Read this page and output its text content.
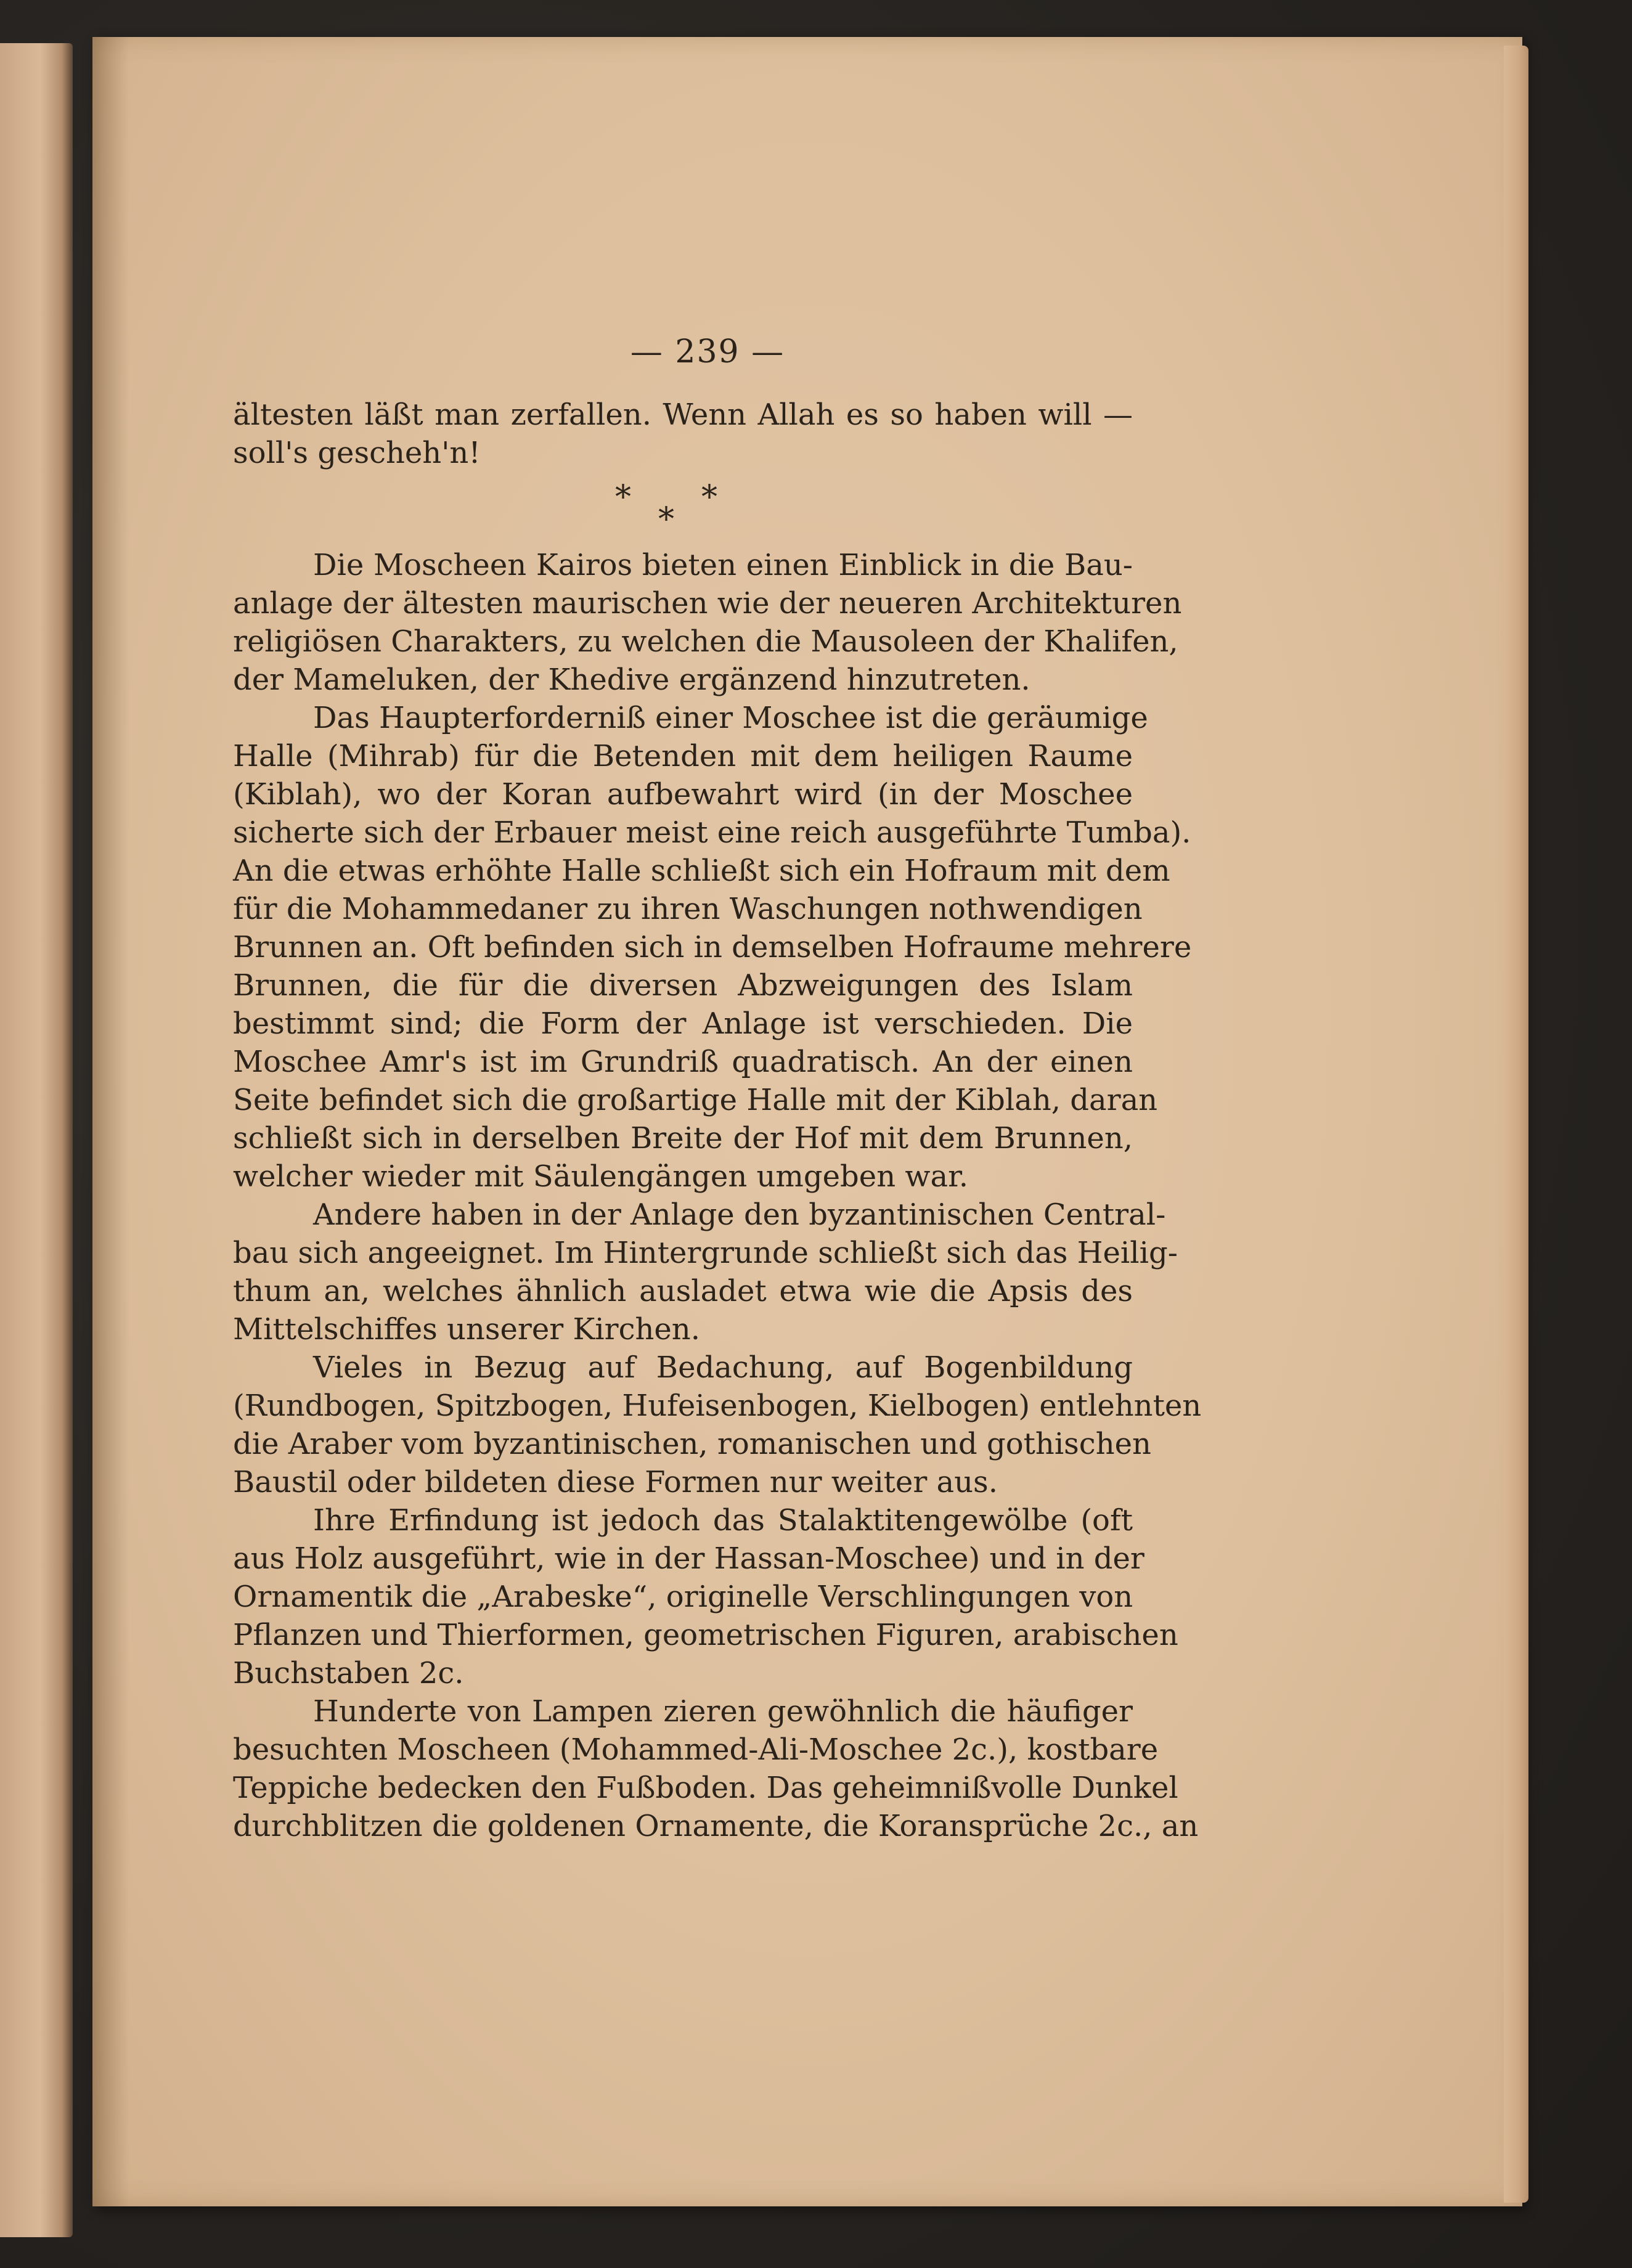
— 239 —
ältesten läßt man zerfallen. Wenn Allah es so haben will —
soll's gescheh'n!
*
*
*
Die Moscheen Kairos bieten einen Einblick in die Bau-
anlage der ältesten maurischen wie der neueren Architekturen
religiösen Charakters, zu welchen die Mausoleen der Khalifen,
der Mameluken, der Khedive ergänzend hinzutreten.
Das Haupterforderniß einer Moschee ist die geräumige
Halle (Mihrab) für die Betenden mit dem heiligen Raume
(Kiblah), wo der Koran aufbewahrt wird (in der Moschee
sicherte sich der Erbauer meist eine reich ausgeführte Tumba).
An die etwas erhöhte Halle schließt sich ein Hofraum mit dem
für die Mohammedaner zu ihren Waschungen nothwendigen
Brunnen an. Oft befinden sich in demselben Hofraume mehrere
Brunnen, die für die diversen Abzweigungen des Islam
bestimmt sind; die Form der Anlage ist verschieden. Die
Moschee Amr's ist im Grundriß quadratisch. An der einen
Seite befindet sich die großartige Halle mit der Kiblah, daran
schließt sich in derselben Breite der Hof mit dem Brunnen,
welcher wieder mit Säulengängen umgeben war.
Andere haben in der Anlage den byzantinischen Central-
bau sich angeeignet. Im Hintergrunde schließt sich das Heilig-
thum an, welches ähnlich ausladet etwa wie die Apsis des
Mittelschiffes unserer Kirchen.
Vieles in Bezug auf Bedachung, auf Bogenbildung
(Rundbogen, Spitzbogen, Hufeisenbogen, Kielbogen) entlehnten
die Araber vom byzantinischen, romanischen und gothischen
Baustil oder bildeten diese Formen nur weiter aus.
Ihre Erfindung ist jedoch das Stalaktitengewölbe (oft
aus Holz ausgeführt, wie in der Hassan-Moschee) und in der
Ornamentik die „Arabeske“, originelle Verschlingungen von
Pflanzen und Thierformen, geometrischen Figuren, arabischen
Buchstaben 2c.
Hunderte von Lampen zieren gewöhnlich die häufiger
besuchten Moscheen (Mohammed-Ali-Moschee 2c.), kostbare
Teppiche bedecken den Fußboden. Das geheimnißvolle Dunkel
durchblitzen die goldenen Ornamente, die Koransprüche 2c., an
